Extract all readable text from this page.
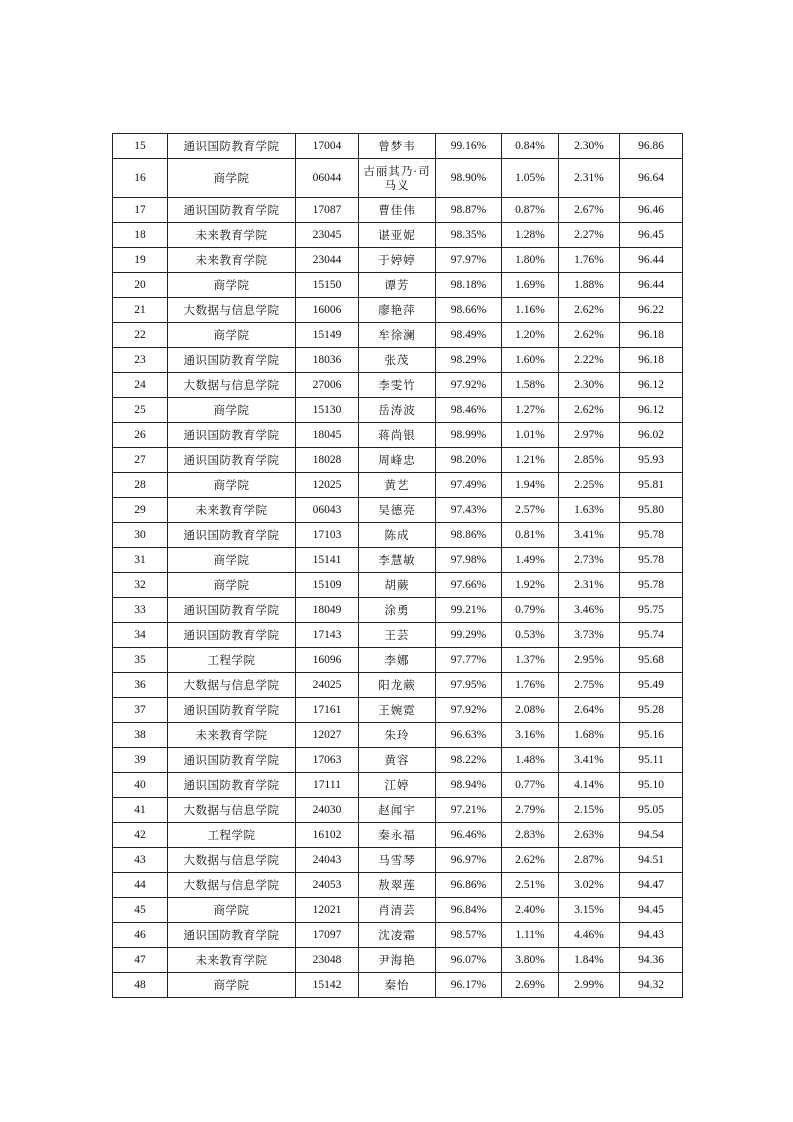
15	通识国防教育学院	17004	曾梦韦	99.16%	0.84%	2.30%	96.86
16	商学院	06044	古丽其乃·司马义	98.90%	1.05%	2.31%	96.64
17	通识国防教育学院	17087	曹佳伟	98.87%	0.87%	2.67%	96.46
18	未来教育学院	23045	谌亚妮	98.35%	1.28%	2.27%	96.45
19	未来教育学院	23044	于婷婷	97.97%	1.80%	1.76%	96.44
20	商学院	15150	谭芳	98.18%	1.69%	1.88%	96.44
21	大数据与信息学院	16006	廖艳萍	98.66%	1.16%	2.62%	96.22
22	商学院	15149	牟徐澜	98.49%	1.20%	2.62%	96.18
23	通识国防教育学院	18036	张茂	98.29%	1.60%	2.22%	96.18
24	大数据与信息学院	27006	李雯竹	97.92%	1.58%	2.30%	96.12
25	商学院	15130	岳涛波	98.46%	1.27%	2.62%	96.12
26	通识国防教育学院	18045	蒋尚银	98.99%	1.01%	2.97%	96.02
27	通识国防教育学院	18028	周峰忠	98.20%	1.21%	2.85%	95.93
28	商学院	12025	黄艺	97.49%	1.94%	2.25%	95.81
29	未来教育学院	06043	吴德亮	97.43%	2.57%	1.63%	95.80
30	通识国防教育学院	17103	陈成	98.86%	0.81%	3.41%	95.78
31	商学院	15141	李慧敏	97.98%	1.49%	2.73%	95.78
32	商学院	15109	胡蕨	97.66%	1.92%	2.31%	95.78
33	通识国防教育学院	18049	涂勇	99.21%	0.79%	3.46%	95.75
34	通识国防教育学院	17143	王芸	99.29%	0.53%	3.73%	95.74
35	工程学院	16096	李娜	97.77%	1.37%	2.95%	95.68
36	大数据与信息学院	24025	阳龙蕨	97.95%	1.76%	2.75%	95.49
37	通识国防教育学院	17161	王婉霓	97.92%	2.08%	2.64%	95.28
38	未来教育学院	12027	朱玲	96.63%	3.16%	1.68%	95.16
39	通识国防教育学院	17063	黄容	98.22%	1.48%	3.41%	95.11
40	通识国防教育学院	17111	江婷	98.94%	0.77%	4.14%	95.10
41	大数据与信息学院	24030	赵闻宇	97.21%	2.79%	2.15%	95.05
42	工程学院	16102	秦永福	96.46%	2.83%	2.63%	94.54
43	大数据与信息学院	24043	马雪琴	96.97%	2.62%	2.87%	94.51
44	大数据与信息学院	24053	敖翠莲	96.86%	2.51%	3.02%	94.47
45	商学院	12021	肖清芸	96.84%	2.40%	3.15%	94.45
46	通识国防教育学院	17097	沈凌霜	98.57%	1.11%	4.46%	94.43
47	未来教育学院	23048	尹海艳	96.07%	3.80%	1.84%	94.36
48	商学院	15142	秦怡	96.17%	2.69%	2.99%	94.32
